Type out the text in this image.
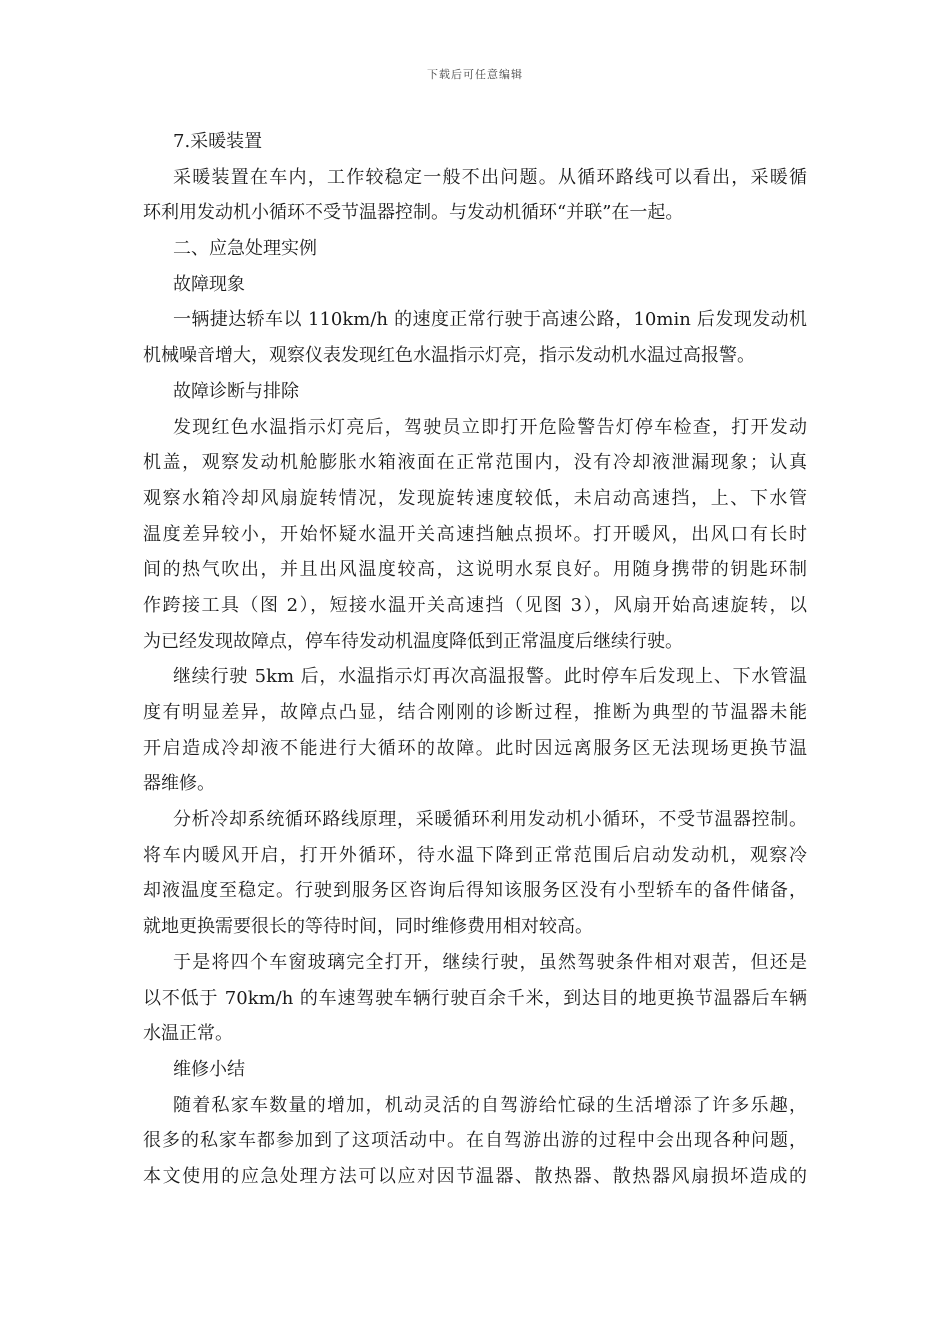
下载后可任意编辑
7.采暖装置
采暖装置在车内，工作较稳定一般不出问题。从循环路线可以看出，采暖循
环利用发动机小循环不受节温器控制。与发动机循环“并联”在一起。
二、应急处理实例
故障现象
一辆捷达轿车以 110km/h 的速度正常行驶于高速公路，10min 后发现发动机
机械噪音增大，观察仪表发现红色水温指示灯亮，指示发动机水温过高报警。
故障诊断与排除
发现红色水温指示灯亮后，驾驶员立即打开危险警告灯停车检查，打开发动
机盖，观察发动机舱膨胀水箱液面在正常范围内，没有冷却液泄漏现象；认真
观察水箱冷却风扇旋转情况，发现旋转速度较低，未启动高速挡，上、下水管
温度差异较小，开始怀疑水温开关高速挡触点损坏。打开暖风，出风口有长时
间的热气吹出，并且出风温度较高，这说明水泵良好。用随身携带的钥匙环制
作跨接工具（图 2），短接水温开关高速挡（见图 3），风扇开始高速旋转，以
为已经发现故障点，停车待发动机温度降低到正常温度后继续行驶。
继续行驶 5km 后，水温指示灯再次高温报警。此时停车后发现上、下水管温
度有明显差异，故障点凸显，结合刚刚的诊断过程，推断为典型的节温器未能
开启造成冷却液不能进行大循环的故障。此时因远离服务区无法现场更换节温
器维修。
分析冷却系统循环路线原理，采暖循环利用发动机小循环，不受节温器控制。
将车内暖风开启，打开外循环，待水温下降到正常范围后启动发动机，观察冷
却液温度至稳定。行驶到服务区咨询后得知该服务区没有小型轿车的备件储备，
就地更换需要很长的等待时间，同时维修费用相对较高。
于是将四个车窗玻璃完全打开，继续行驶，虽然驾驶条件相对艰苦，但还是
以不低于 70km/h 的车速驾驶车辆行驶百余千米，到达目的地更换节温器后车辆
水温正常。
维修小结
随着私家车数量的增加，机动灵活的自驾游给忙碌的生活增添了许多乐趣，
很多的私家车都参加到了这项活动中。在自驾游出游的过程中会出现各种问题，
本文使用的应急处理方法可以应对因节温器、散热器、散热器风扇损坏造成的
